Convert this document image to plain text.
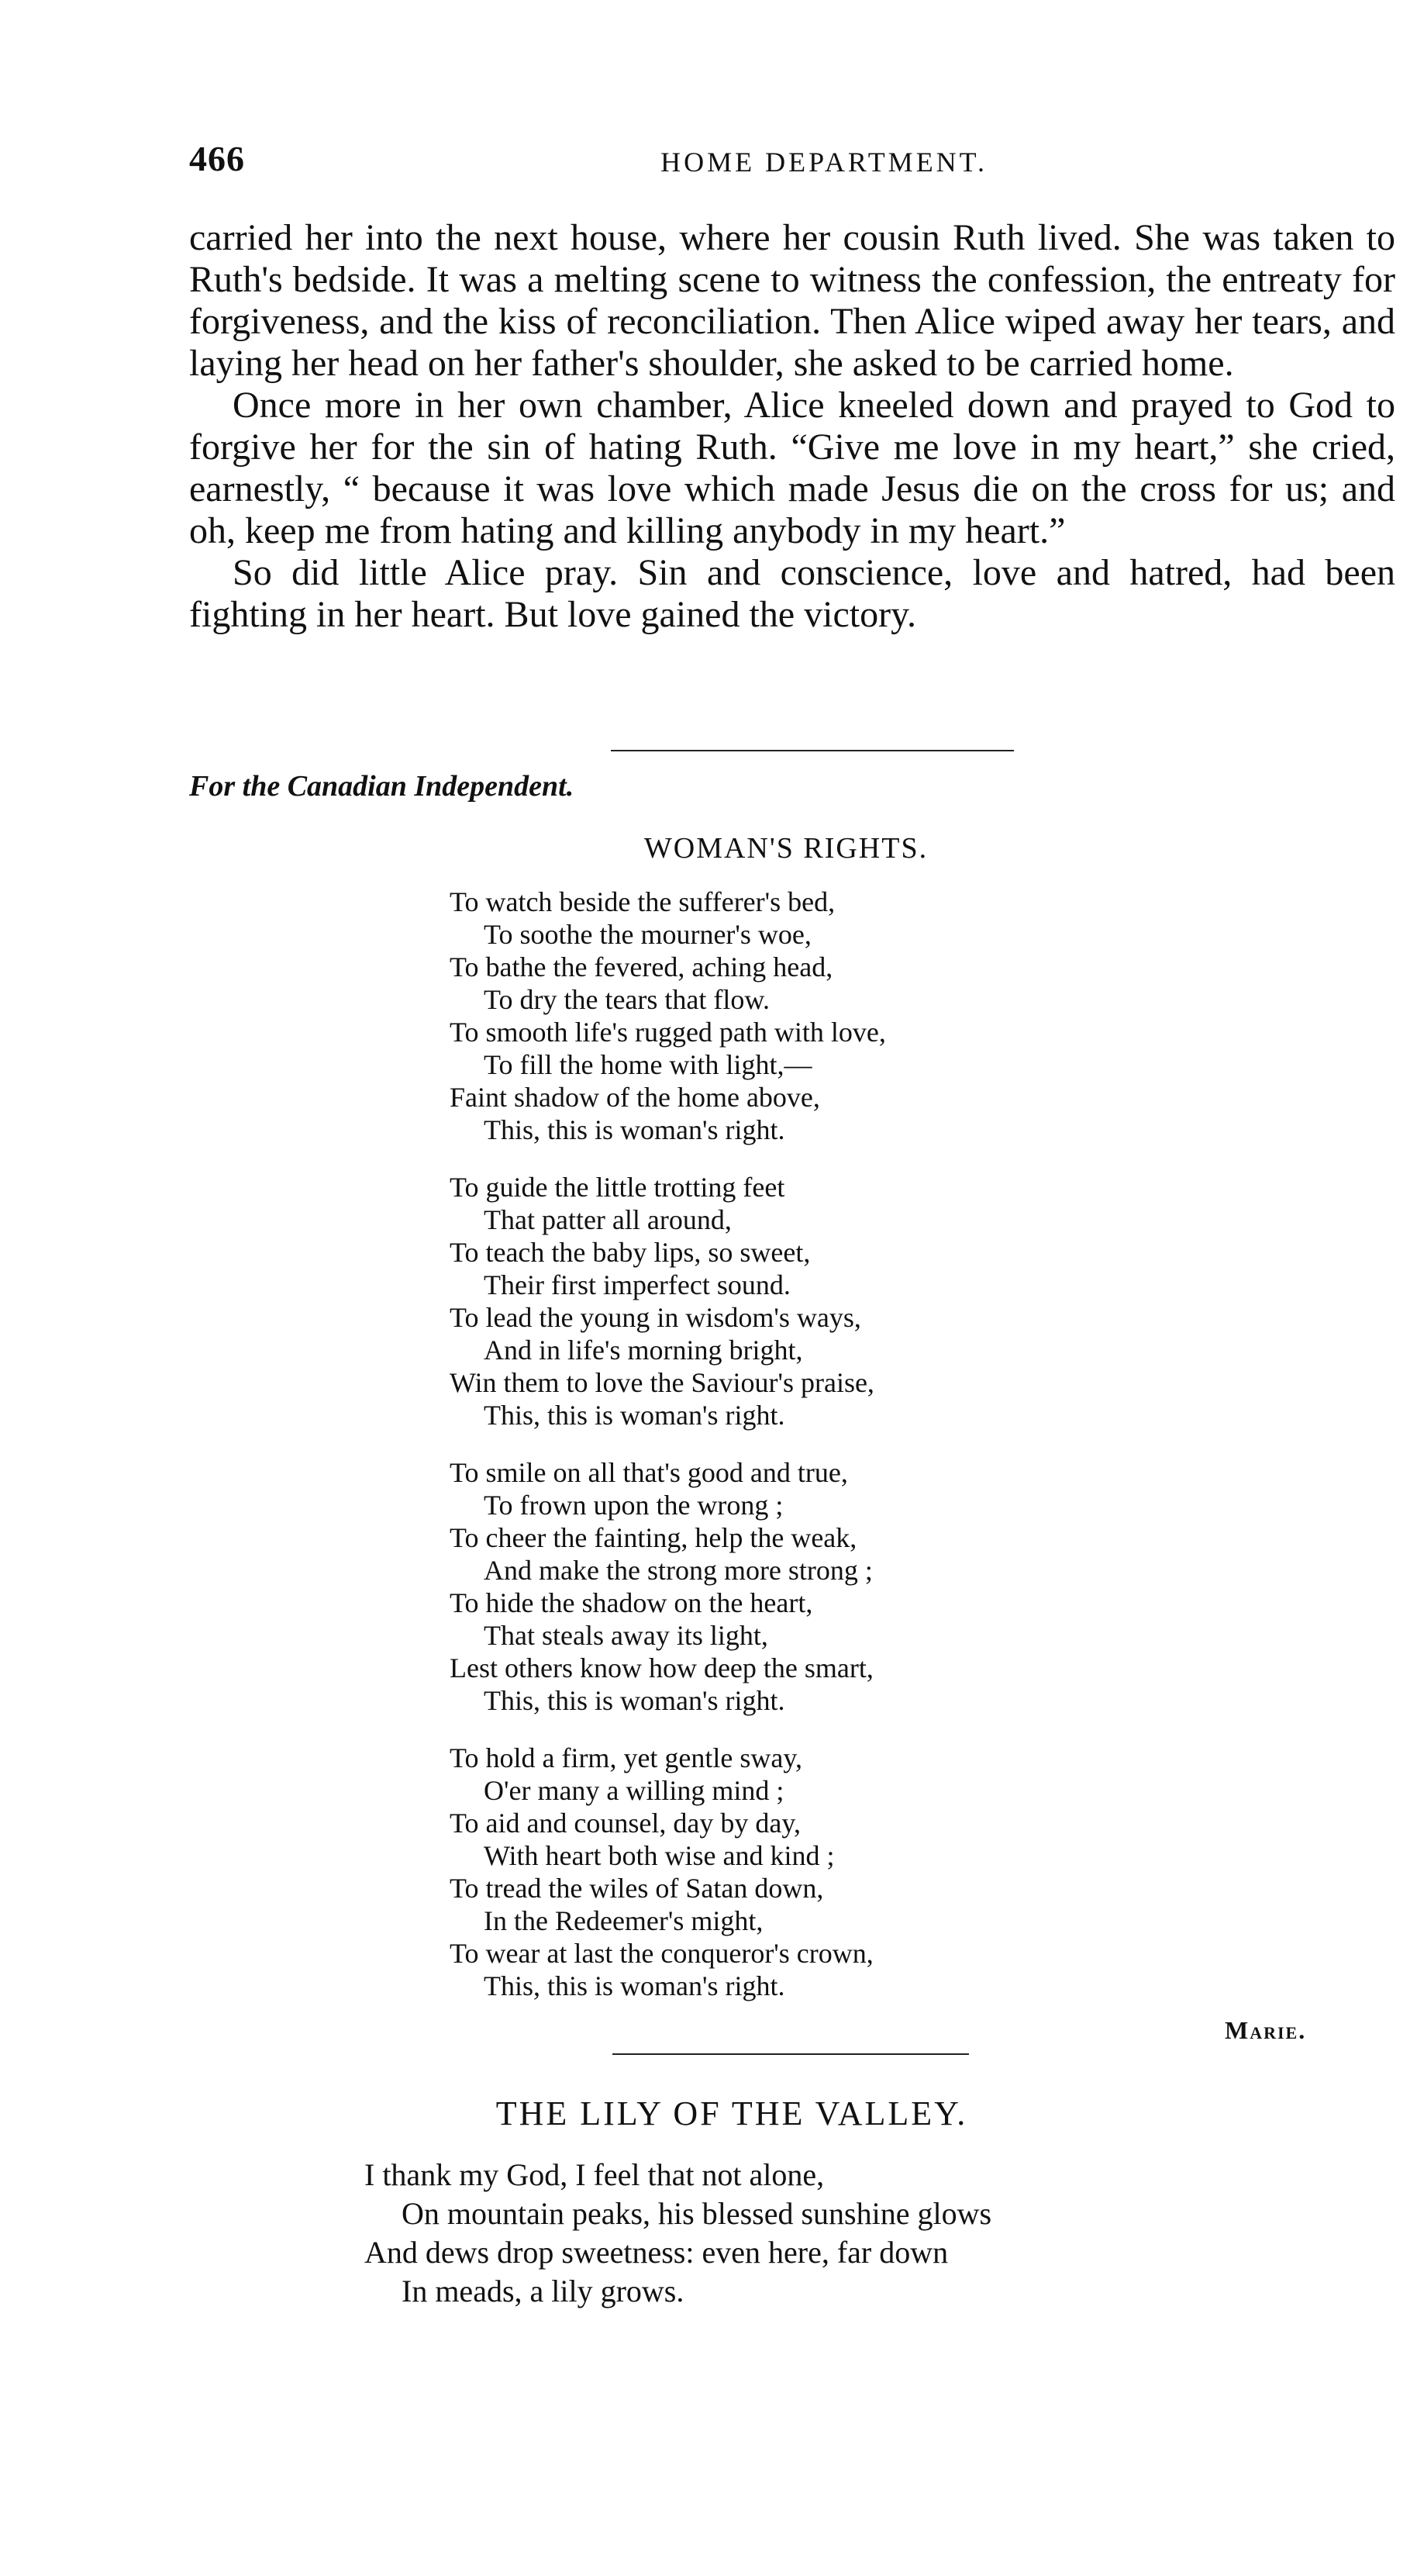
466	HOME DEPARTMENT.

carried her into the next house, where her cousin Ruth lived. She was taken to Ruth's bedside. It was a melting scene to witness the confession, the entreaty for forgiveness, and the kiss of reconciliation. Then Alice wiped away her tears, and laying her head on her father's shoulder, she asked to be carried home.

Once more in her own chamber, Alice kneeled down and prayed to God to forgive her for the sin of hating Ruth. “Give me love in my heart,” she cried, earnestly, “ because it was love which made Jesus die on the cross for us; and oh, keep me from hating and killing anybody in my heart.”

So did little Alice pray. Sin and conscience, love and hatred, had been fighting in her heart. But love gained the victory.

For the Canadian Independent.
WOMAN'S RIGHTS.
To watch beside the sufferer's bed,
To soothe the mourner's woe,
To bathe the fevered, aching head,
To dry the tears that flow.
To smooth life's rugged path with love,
To fill the home with light,—
Faint shadow of the home above,
This, this is woman's right.
To guide the little trotting feet
That patter all around,
To teach the baby lips, so sweet,
Their first imperfect sound.
To lead the young in wisdom's ways,
And in life's morning bright,
Win them to love the Saviour's praise,
This, this is woman's right.
To smile on all that's good and true,
To frown upon the wrong ;
To cheer the fainting, help the weak,
And make the strong more strong ;
To hide the shadow on the heart,
That steals away its light,
Lest others know how deep the smart,
This, this is woman's right.
To hold a firm, yet gentle sway,
O'er many a willing mind ;
To aid and counsel, day by day,
With heart both wise and kind ;
To tread the wiles of Satan down,
In the Redeemer's might,
To wear at last the conqueror's crown,
This, this is woman's right.
Marie.
THE LILY OF THE VALLEY.
I thank my God, I feel that not alone,
On mountain peaks, his blessed sunshine glows
And dews drop sweetness: even here, far down
In meads, a lily grows.
